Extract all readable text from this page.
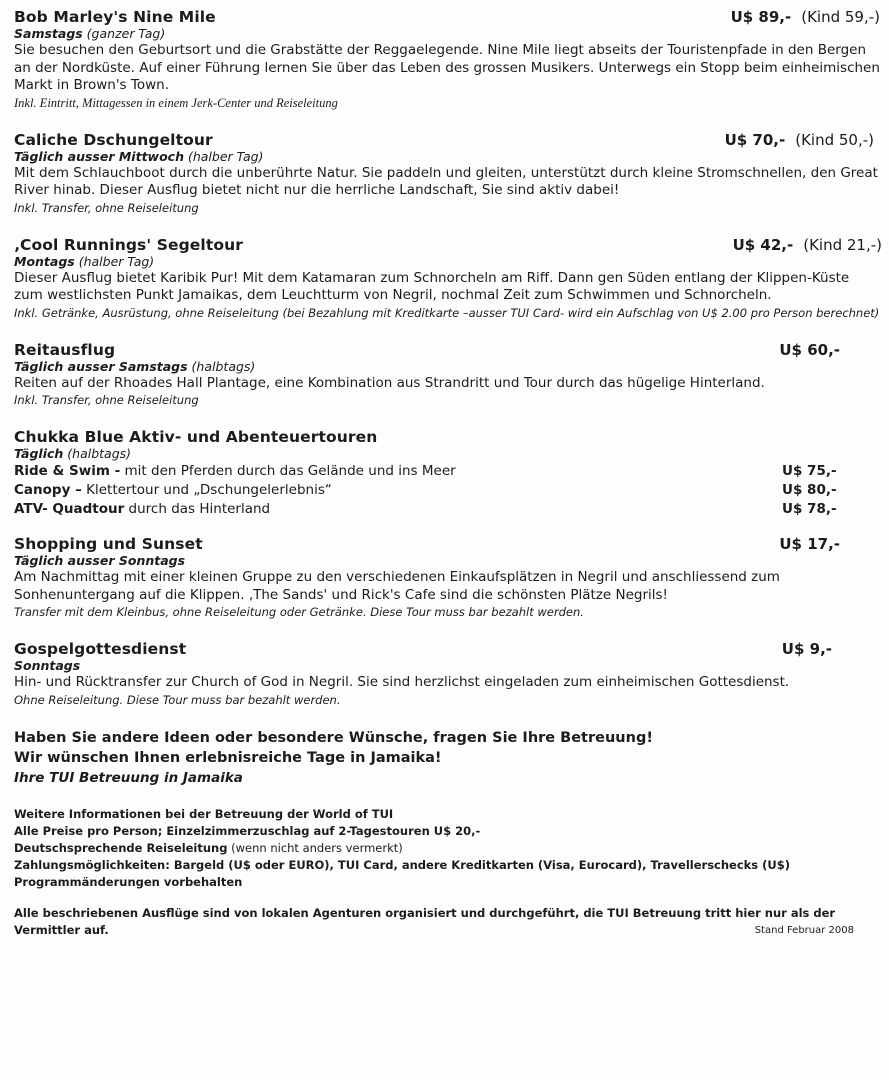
Bob Marley's Nine Mile	U$ 89,- (Kind 59,-)
Samstags (ganzer Tag)
Sie besuchen den Geburtsort und die Grabstätte der Reggaelegende. Nine Mile liegt abseits der Touristenpfade in den Bergen an der Nordküste. Auf einer Führung lernen Sie über das Leben des grossen Musikers. Unterwegs ein Stopp beim einheimischen Markt in Brown's Town.
Inkl. Eintritt, Mittagessen in einem Jerk-Center und Reiseleitung
Caliche Dschungeltour	U$ 70,- (Kind 50,-)
Täglich ausser Mittwoch (halber Tag)
Mit dem Schlauchboot durch die unberührte Natur. Sie paddeln und gleiten, unterstützt durch kleine Stromschnellen, den Great River hinab. Dieser Ausflug bietet nicht nur die herrliche Landschaft, Sie sind aktiv dabei!
Inkl. Transfer, ohne Reiseleitung
‚Cool Runnings' Segeltour	U$ 42,- (Kind 21,-)
Montags (halber Tag)
Dieser Ausflug bietet Karibik Pur! Mit dem Katamaran zum Schnorcheln am Riff. Dann gen Süden entlang der Klippen-Küste zum westlichsten Punkt Jamaikas, dem Leuchtturm von Negril, nochmal Zeit zum Schwimmen und Schnorcheln.
Inkl. Getränke, Ausrüstung, ohne Reiseleitung (bei Bezahlung mit Kreditkarte –ausser TUI Card- wird ein Aufschlag von U$ 2.00 pro Person berechnet)
Reitausflug	U$ 60,-
Täglich ausser Samstags (halbtags)
Reiten auf der Rhoades Hall Plantage, eine Kombination aus Strandritt und Tour durch das hügelige Hinterland.
Inkl. Transfer, ohne Reiseleitung
Chukka Blue Aktiv- und Abenteuertouren
Täglich (halbtags)
Ride & Swim - mit den Pferden durch das Gelände und ins Meer	U$ 75,-
Canopy – Klettertour und „Dschungelerlebnis“	U$ 80,-
ATV- Quadtour durch das Hinterland	U$ 78,-
Shopping und Sunset	U$ 17,-
Täglich ausser Sonntags
Am Nachmittag mit einer kleinen Gruppe zu den verschiedenen Einkaufsplätzen in Negril und anschliessend zum Sonhenuntergang auf die Klippen. ‚The Sands' und Rick's Cafe sind die schönsten Plätze Negrils!
Transfer mit dem Kleinbus, ohne Reiseleitung oder Getränke. Diese Tour muss bar bezahlt werden.
Gospelgottesdienst	U$ 9,-
Sonntags
Hin- und Rücktransfer zur Church of God in Negril. Sie sind herzlichst eingeladen zum einheimischen Gottesdienst.
Ohne Reiseleitung. Diese Tour muss bar bezahlt werden.
Haben Sie andere Ideen oder besondere Wünsche, fragen Sie Ihre Betreuung!
Wir wünschen Ihnen erlebnisreiche Tage in Jamaika!
Ihre TUI Betreuung in Jamaika
Weitere Informationen bei der Betreuung der World of TUI
Alle Preise pro Person; Einzelzimmerzuschlag auf 2-Tagestouren U$ 20,-
Deutschsprechende Reiseleitung (wenn nicht anders vermerkt)
Zahlungsmöglichkeiten: Bargeld (U$ oder EURO), TUI Card, andere Kreditkarten (Visa, Eurocard), Travellerschecks (U$)
Programmänderungen vorbehalten
Alle beschriebenen Ausflüge sind von lokalen Agenturen organisiert und durchgeführt, die TUI Betreuung tritt hier nur als der Vermittler auf.	Stand Februar 2008
